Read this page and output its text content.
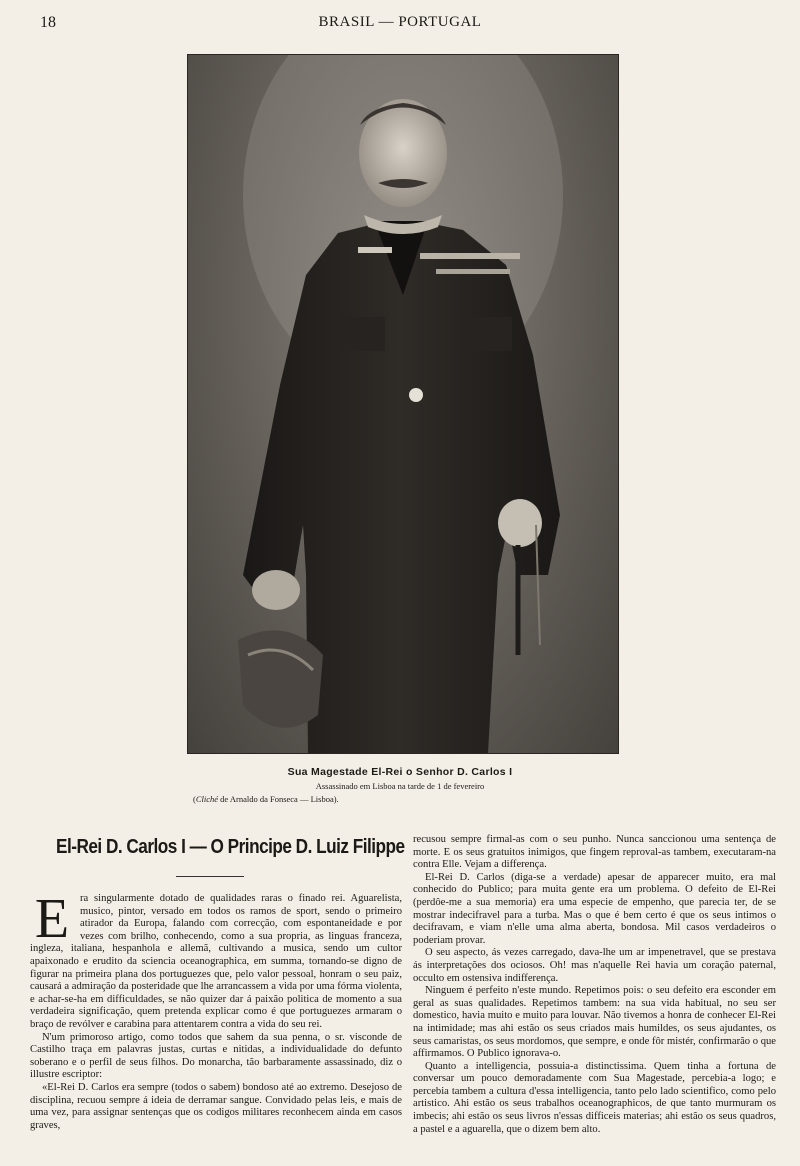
18	BRASIL — PORTUGAL
Sua Magestade El-Rei o Senhor D. Carlos I
Assassinado em Lisboa na tarde de 1 de fevereiro
(Cliché de Arnaldo da Fonseca — Lisboa).
El-Rei D. Carlos I — O Principe D. Luiz Filippe
E	ra singularmente dotado de qualidades raras o finado rei. Aguarelista, musico, pintor, versado em todos os ramos de sport, sendo o primeiro atirador da Europa, falando com correcção, com espontaneidade e por vezes com brilho, conhecendo, como a sua propria, as linguas franceza, ingleza, italiana, hespanhola e allemã, cultivando a musica, sendo um cultor apaixonado e erudito da sciencia oceanographica, em summa, tornando-se digno de figurar na primeira plana dos portuguezes que, pelo valor pessoal, honram o seu paiz, causará a admiração da posteridade que lhe arrancassem a vida por uma fórma violenta, e achar-se-ha em difficuldades, se não quizer dar á paixão politica de momento a sua verdadeira significação, quem pretenda explicar como é que portuguezes armaram o braço de revólver e carabina para attentarem contra a vida do seu rei.

N'um primoroso artigo, como todos que sahem da sua penna, o sr. visconde de Castilho traça em palavras justas, curtas e nitidas, a individualidade do defunto soberano e o perfil de seus filhos. Do monarcha, tão barbaramente assassinado, diz o illustre escriptor:

«El-Rei D. Carlos era sempre (todos o sabem) bondoso até ao extremo. Desejoso de disciplina, recuou sempre á ideia de derramar sangue. Convidado pelas leis, e mais de uma vez, para assignar sentenças que os codigos militares reconhecem ainda em casos graves,

recusou sempre firmal-as com o seu punho. Nunca sanccionou uma sentença de morte. E os seus gratuitos inimigos, que fingem reproval-as tambem, executaram-na contra Elle. Vejam a differença.

El-Rei D. Carlos (diga-se a verdade) apesar de apparecer muito, era mal conhecido do Publico; para muita gente era um problema. O defeito de El-Rei (perdôe-me a sua memoria) era uma especie de empenho, que parecia ter, de se mostrar indecifravel para a turba. Mas o que é bem certo é que os seus intimos o decifravam, e viam n'elle uma alma aberta, bondosa. Mil casos verdadeiros o poderiam provar.

O seu aspecto, ás vezes carregado, dava-lhe um ar impenetravel, que se prestava ás interpretações dos ociosos. Oh! mas n'aquelle Rei havia um coração paternal, occulto em ostensiva indifferença.

Ninguem é perfeito n'este mundo. Repetimos pois: o seu defeito era esconder em geral as suas qualidades. Repetimos tambem: na sua vida habitual, no seu ser domestico, havia muito e muito para louvar. Não tivemos a honra de conhecer El-Rei na intimidade; mas ahi estão os seus criados mais humildes, os seus ajudantes, os seus camaristas, os seus mordomos, que sempre, e onde fôr mistér, confirmarão o que affirmamos. O Publico ignorava-o.

Quanto a intelligencia, possuia-a distinctissima. Quem tinha a fortuna de conversar um pouco demoradamente com Sua Magestade, percebia-a logo; e percebia tambem a cultura d'essa intelligencia, tanto pelo lado scientifico, como pelo artistico. Ahi estão os seus trabalhos oceanographicos, de que tanto murmuram os imbecis; ahi estão os seus livros n'essas difficeis materias; ahi estão os seus quadros, a pastel e a aguarella, que o dizem bem alto.
